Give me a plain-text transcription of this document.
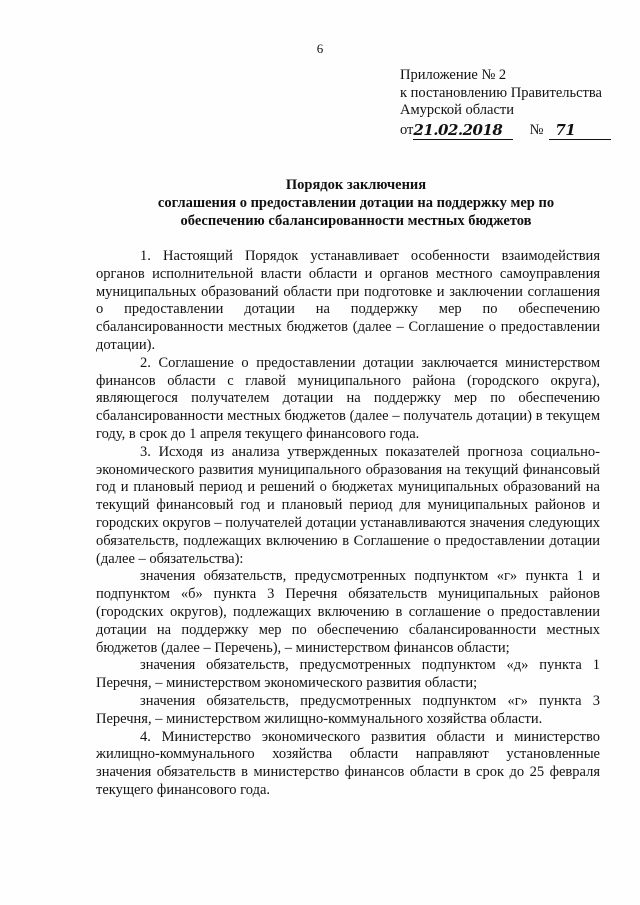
6
Приложение № 2
к постановлению Правительства
Амурской области
от 21.02.2018	№ 71
Порядок заключения
соглашения о предоставлении дотации на поддержку мер по
обеспечению сбалансированности местных бюджетов

1. Настоящий Порядок устанавливает особенности взаимодействия органов исполнительной власти области и органов местного самоуправления муниципальных образований области при подготовке и заключении соглашения о предоставлении дотации на поддержку мер по обеспечению сбалансированности местных бюджетов (далее – Соглашение о предоставлении дотации).

2. Соглашение о предоставлении дотации заключается министерством финансов области с главой муниципального района (городского округа), являющегося получателем дотации на поддержку мер по обеспечению сбалансированности местных бюджетов (далее – получатель дотации) в текущем году, в срок до 1 апреля текущего финансового года.

3. Исходя из анализа утвержденных показателей прогноза социально-экономического развития муниципального образования на текущий финансовый год и плановый период и решений о бюджетах муниципальных образований на текущий финансовый год и плановый период для муниципальных районов и городских округов – получателей дотации устанавливаются значения следующих обязательств, подлежащих включению в Соглашение о предоставлении дотации (далее – обязательства):

значения обязательств, предусмотренных подпунктом «г» пункта 1 и подпунктом «б» пункта 3 Перечня обязательств муниципальных районов (городских округов), подлежащих включению в соглашение о предоставлении дотации на поддержку мер по обеспечению сбалансированности местных бюджетов (далее – Перечень), – министерством финансов области;

значения обязательств, предусмотренных подпунктом «д» пункта 1 Перечня, – министерством экономического развития области;

значения обязательств, предусмотренных подпунктом «г» пункта 3 Перечня, – министерством жилищно-коммунального хозяйства области.

4. Министерство экономического развития области и министерство жилищно-коммунального хозяйства области направляют установленные значения обязательств в министерство финансов области в срок до 25 февраля текущего финансового года.
